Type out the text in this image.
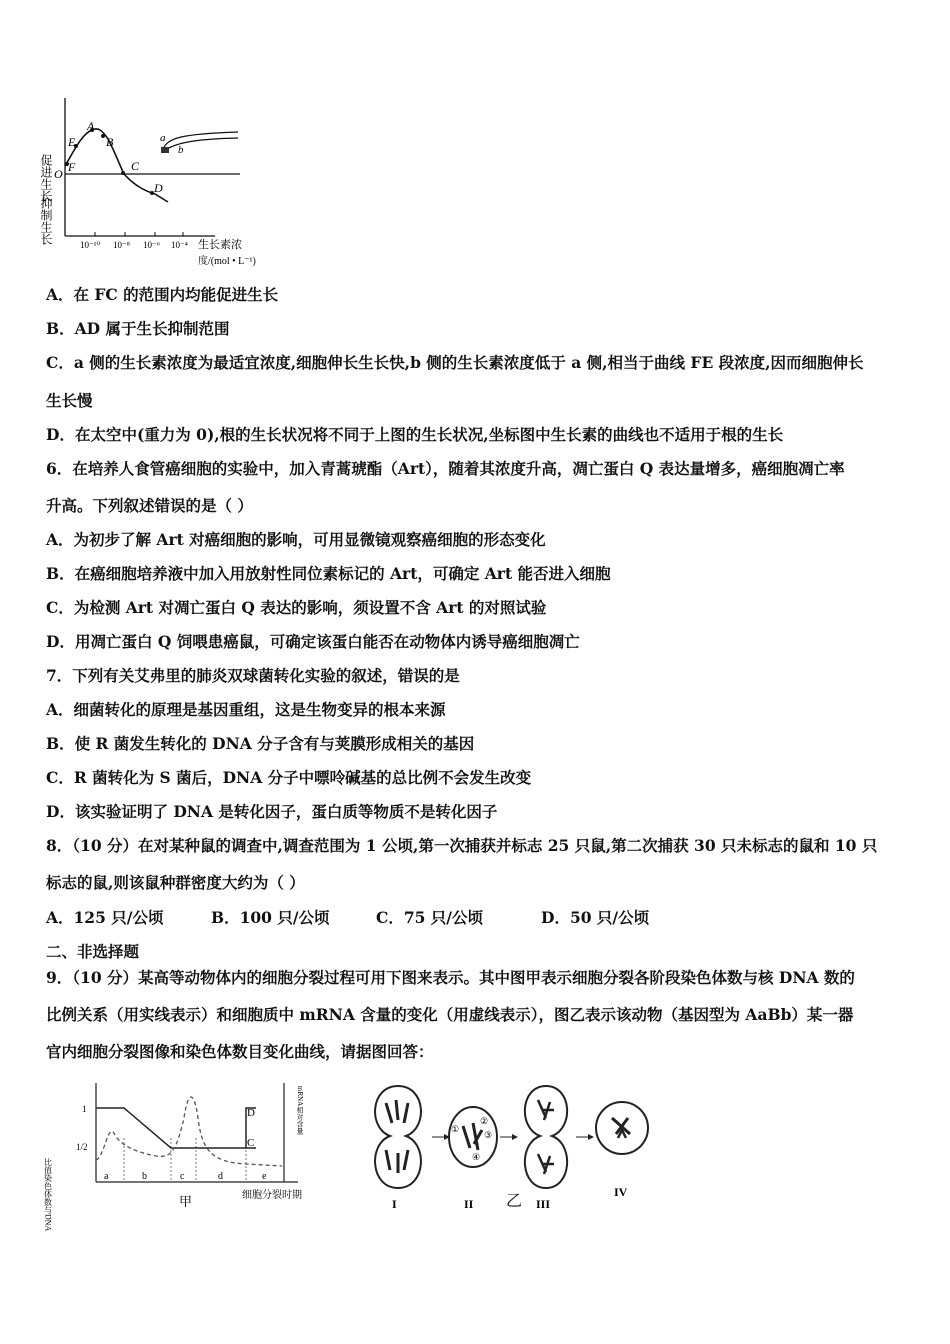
促进生长
抑制生长
O
E
A
B
C
D
F
a
b
10⁻¹⁰ 10⁻⁸ 10⁻⁶ 10⁻⁴ 生长素浓
度/(mol • L⁻¹)
A．在 FC 的范围内均能促进生长
B．AD 属于生长抑制范围
C．a 侧的生长素浓度为最适宜浓度,细胞伸长生长快,b 侧的生长素浓度低于 a 侧,相当于曲线 FE 段浓度,因而细胞伸长
生长慢
D．在太空中(重力为 0),根的生长状况将不同于上图的生长状况,坐标图中生长素的曲线也不适用于根的生长
6．在培养人食管癌细胞的实验中，加入青蒿琥酯（Art），随着其浓度升高，凋亡蛋白 Q 表达量增多，癌细胞凋亡率
升高。下列叙述错误的是（ ）
A．为初步了解 Art 对癌细胞的影响，可用显微镜观察癌细胞的形态变化
B．在癌细胞培养液中加入用放射性同位素标记的 Art，可确定 Art 能否进入细胞
C．为检测 Art 对凋亡蛋白 Q 表达的影响，须设置不含 Art 的对照试验
D．用凋亡蛋白 Q 饲喂患癌鼠，可确定该蛋白能否在动物体内诱导癌细胞凋亡
7．下列有关艾弗里的肺炎双球菌转化实验的叙述，错误的是
A．细菌转化的原理是基因重组，这是生物变异的根本来源
B．使 R 菌发生转化的 DNA 分子含有与荚膜形成相关的基因
C．R 菌转化为 S 菌后，DNA 分子中嘌呤碱基的总比例不会发生改变
D．该实验证明了 DNA 是转化因子，蛋白质等物质不是转化因子
8．（10 分）在对某种鼠的调查中,调查范围为 1 公顷,第一次捕获并标志 25 只鼠,第二次捕获 30 只未标志的鼠和 10 只
标志的鼠,则该鼠种群密度大约为（ ）
A．125 只/公顷	B．100 只/公顷	C．75 只/公顷	D．50 只/公顷
二、非选择题
9．（10 分）某高等动物体内的细胞分裂过程可用下图来表示。其中图甲表示细胞分裂各阶段染色体数与核 DNA 数的
比例关系（用实线表示）和细胞质中 mRNA 含量的变化（用虚线表示），图乙表示该动物（基因型为 AaBb）某一器
官内细胞分裂图像和染色体数目变化曲线，请据图回答：
比值染色体数与DNA
mRNA相对含量
1
1/2
D
C
a	b	c	d	e
细胞分裂时期
甲
①
②
③
④
I	II	III
IV
乙
